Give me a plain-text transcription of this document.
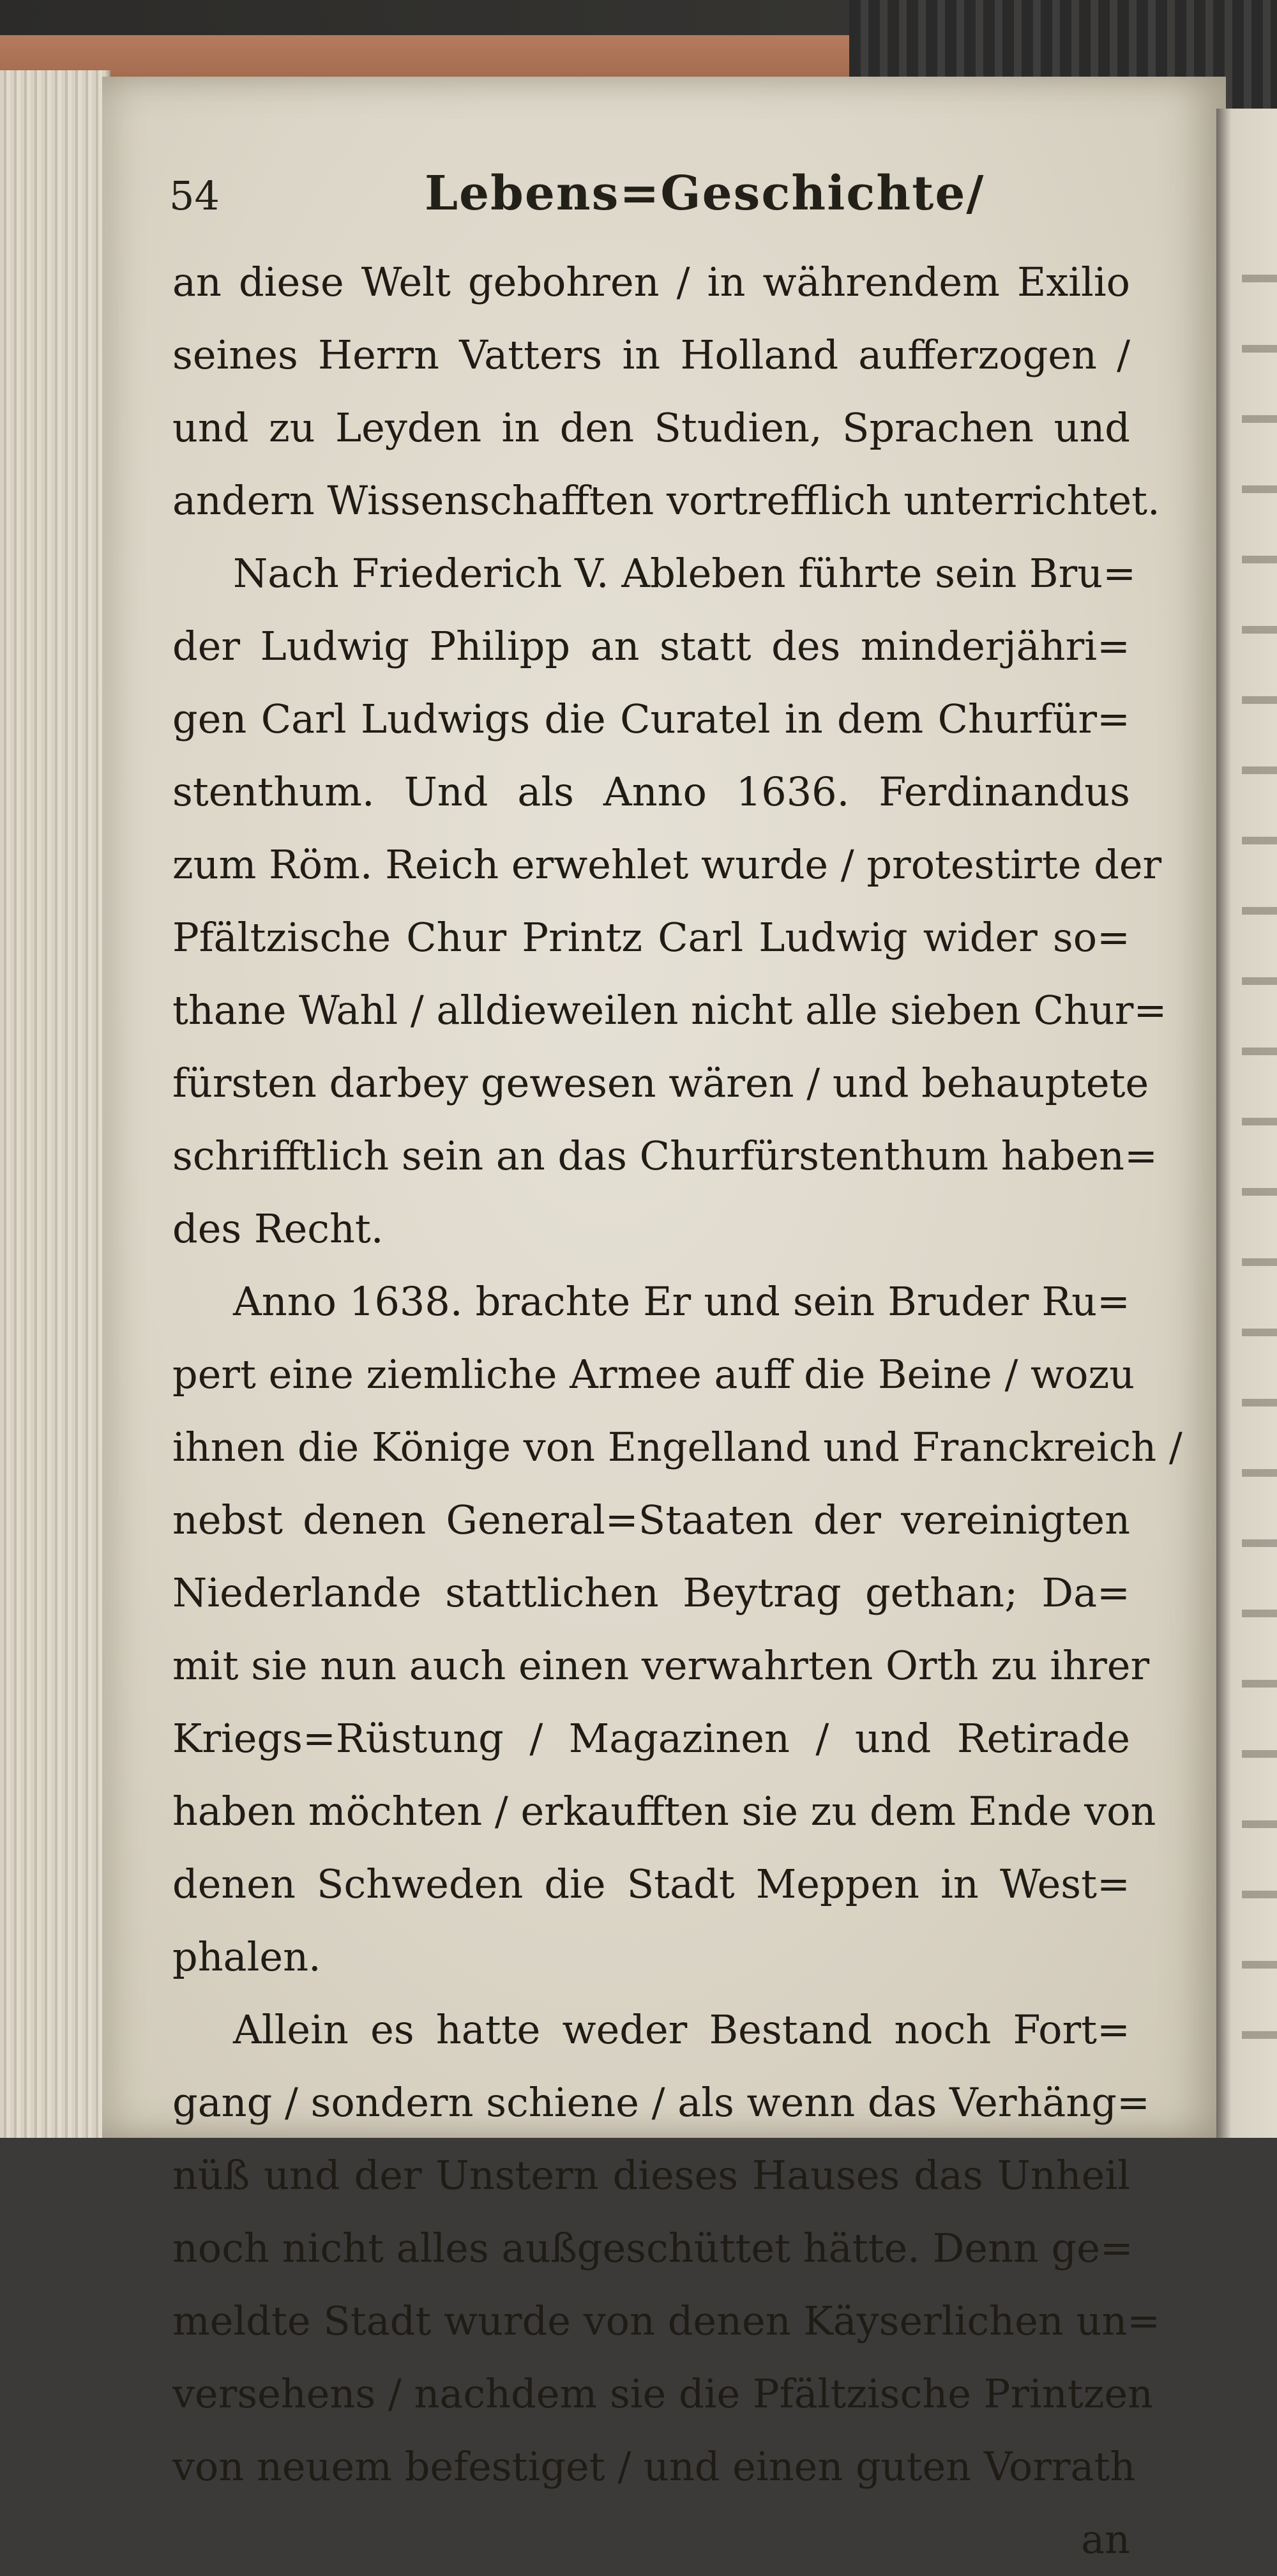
54	Lebens=Geschichte/
an diese Welt gebohren / in währendem Exilio
seines Herrn Vatters in Holland aufferzogen /
und zu Leyden in den Studien, Sprachen und
andern Wissenschafften vortrefflich unterrichtet.
Nach Friederich V. Ableben führte sein Bru=
der Ludwig Philipp an statt des minderjähri=
gen Carl Ludwigs die Curatel in dem Churfür=
stenthum. Und als Anno 1636. Ferdinandus
zum Röm. Reich erwehlet wurde / protestirte der
Pfältzische Chur Printz Carl Ludwig wider so=
thane Wahl / alldieweilen nicht alle sieben Chur=
fürsten darbey gewesen wären / und behauptete
schrifftlich sein an das Churfürstenthum haben=
des Recht.
Anno 1638. brachte Er und sein Bruder Ru=
pert eine ziemliche Armee auff die Beine / wozu
ihnen die Könige von Engelland und Franckreich /
nebst denen General=Staaten der vereinigten
Niederlande stattlichen Beytrag gethan; Da=
mit sie nun auch einen verwahrten Orth zu ihrer
Kriegs=Rüstung / Magazinen / und Retirade
haben möchten / erkaufften sie zu dem Ende von
denen Schweden die Stadt Meppen in West=
phalen.
Allein es hatte weder Bestand noch Fort=
gang / sondern schiene / als wenn das Verhäng=
nüß und der Unstern dieses Hauses das Unheil
noch nicht alles außgeschüttet hätte. Denn ge=
meldte Stadt wurde von denen Käyserlichen un=
versehens / nachdem sie die Pfältzische Printzen
von neuem befestiget / und einen guten Vorrath
an
